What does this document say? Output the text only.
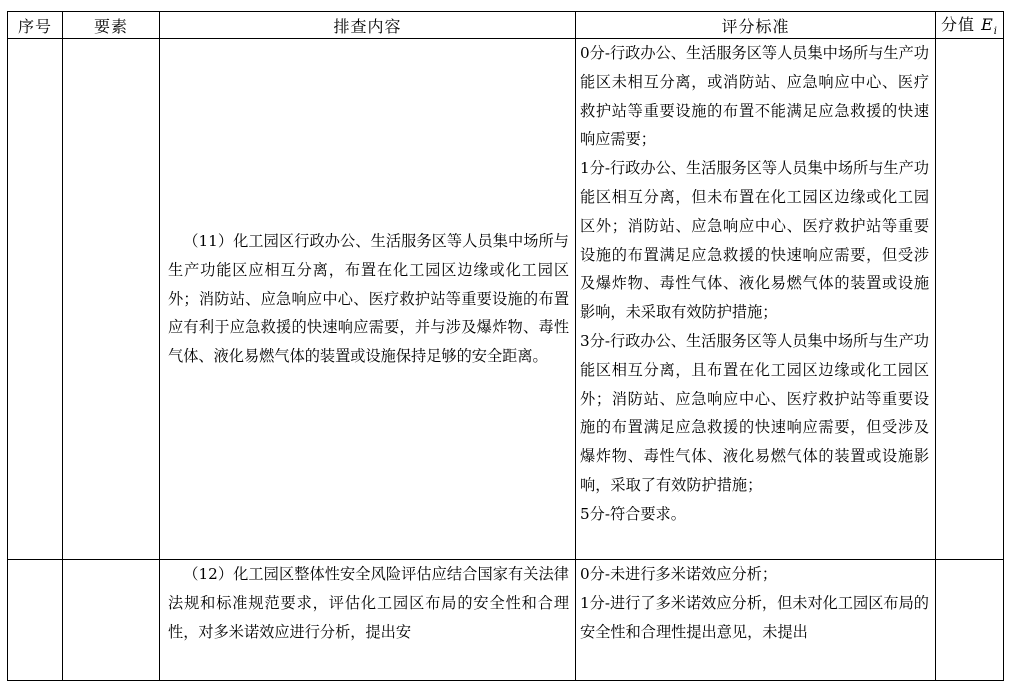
序号	要素	排查内容	评分标准	分值 $E_i$

		（11）化工园区行政办公、生活服务区等人员集中场所与生产功能区应相互分离，布置在化工园区边缘或化工园区外；消防站、应急响应中心、医疗救护站等重要设施的布置应有利于应急救援的快速响应需要，并与涉及爆炸物、毒性气体、液化易燃气体的装置或设施保持足够的安全距离。	0分-行政办公、生活服务区等人员集中场所与生产功能区未相互分离，或消防站、应急响应中心、医疗救护站等重要设施的布置不能满足应急救援的快速响应需要；
1分-行政办公、生活服务区等人员集中场所与生产功能区相互分离，但未布置在化工园区边缘或化工园区外；消防站、应急响应中心、医疗救护站等重要设施的布置满足应急救援的快速响应需要，但受涉及爆炸物、毒性气体、液化易燃气体的装置或设施影响，未采取有效防护措施；
3分-行政办公、生活服务区等人员集中场所与生产功能区相互分离，且布置在化工园区边缘或化工园区外；消防站、应急响应中心、医疗救护站等重要设施的布置满足应急救援的快速响应需要，但受涉及爆炸物、毒性气体、液化易燃气体的装置或设施影响，采取了有效防护措施；
5分-符合要求。	

		（12）化工园区整体性安全风险评估应结合国家有关法律法规和标准规范要求，评估化工园区布局的安全性和合理性，对多米诺效应进行分析，提出安	0分-未进行多米诺效应分析；
1分-进行了多米诺效应分析，但未对化工园区布局的安全性和合理性提出意见，未提出	
